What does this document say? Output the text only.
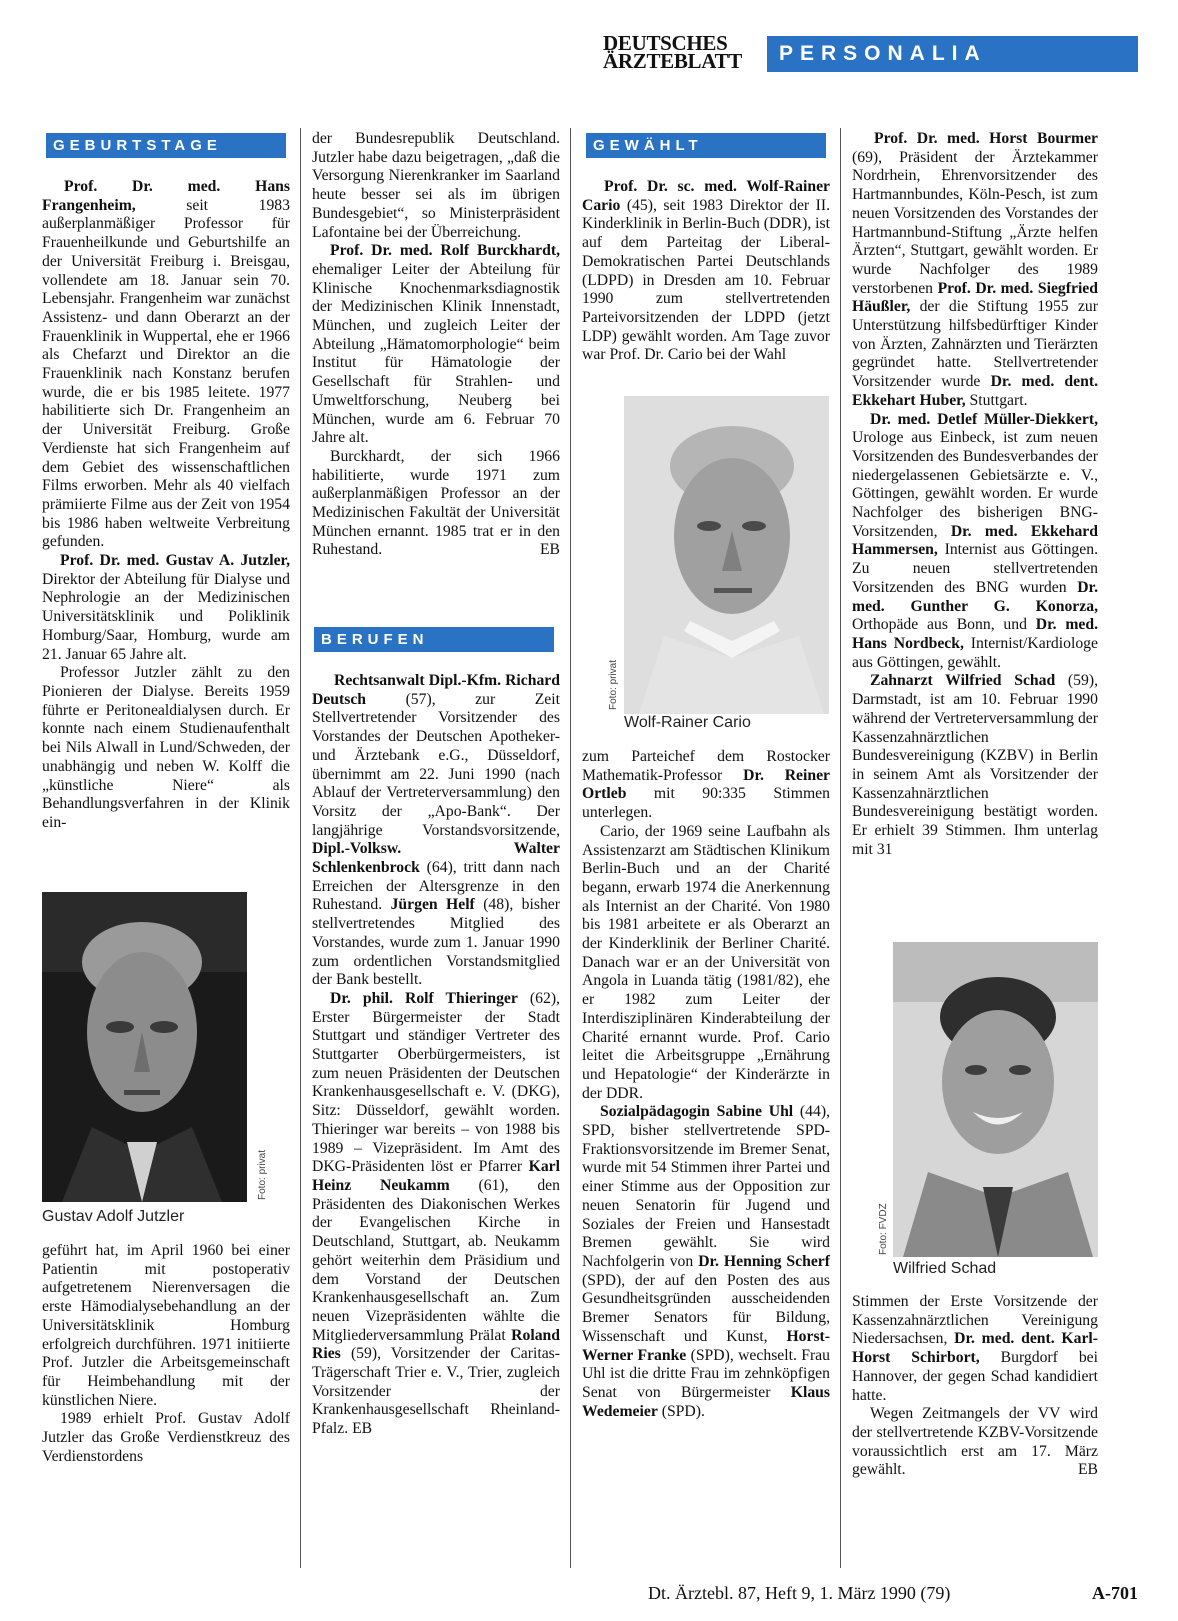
DEUTSCHES
ÄRZTEBLATT	PERSONALIA
GEBURTSTAGE
BERUFEN
GEWÄHLT

Prof. Dr. med. Hans Frangenheim, seit 1983 außerplanmäßiger Professor für Frauenheilkunde und Geburtshilfe an der Universität Freiburg i. Breisgau, vollendete am 18. Januar sein 70. Lebensjahr. Frangenheim war zunächst Assistenz- und dann Oberarzt an der Frauenklinik in Wuppertal, ehe er 1966 als Chefarzt und Direktor an die Frauenklinik nach Konstanz berufen wurde, die er bis 1985 leitete. 1977 habilitierte sich Dr. Frangenheim an der Universität Freiburg. Große Verdienste hat sich Frangenheim auf dem Gebiet des wissenschaftlichen Films erworben. Mehr als 40 vielfach prämiierte Filme aus der Zeit von 1954 bis 1986 haben weltweite Verbreitung gefunden.

Prof. Dr. med. Gustav A. Jutzler, Direktor der Abteilung für Dialyse und Nephrologie an der Medizinischen Universitätsklinik und Poliklinik Homburg/Saar, Homburg, wurde am 21. Januar 65 Jahre alt.

Professor Jutzler zählt zu den Pionieren der Dialyse. Bereits 1959 führte er Peritonealdialysen durch. Er konnte nach einem Studienaufenthalt bei Nils Alwall in Lund/Schweden, der unabhängig und neben W. Kolff die „künstliche Niere“ als Behandlungsverfahren in der Klinik ein-

Foto: privat
Gustav Adolf Jutzler

geführt hat, im April 1960 bei einer Patientin mit postoperativ aufgetretenem Nierenversagen die erste Hämodialysebehandlung an der Universitätsklinik Homburg erfolgreich durchführen. 1971 initiierte Prof. Jutzler die Arbeitsgemeinschaft für Heimbehandlung mit der künstlichen Niere.

1989 erhielt Prof. Gustav Adolf Jutzler das Große Verdienstkreuz des Verdienstordens

der Bundesrepublik Deutschland. Jutzler habe dazu beigetragen, „daß die Versorgung Nierenkranker im Saarland heute besser sei als im übrigen Bundesgebiet“, so Ministerpräsident Lafontaine bei der Überreichung.

Prof. Dr. med. Rolf Burckhardt, ehemaliger Leiter der Abteilung für Klinische Knochenmarksdiagnostik der Medizinischen Klinik Innenstadt, München, und zugleich Leiter der Abteilung „Hämatomorphologie“ beim Institut für Hämatologie der Gesellschaft für Strahlen- und Umweltforschung, Neuberg bei München, wurde am 6. Februar 70 Jahre alt.

Burckhardt, der sich 1966 habilitierte, wurde 1971 zum außerplanmäßigen Professor an der Medizinischen Fakultät der Universität München ernannt. 1985 trat er in den Ruhestand.	EB

Rechtsanwalt Dipl.-Kfm. Richard Deutsch (57), zur Zeit Stellvertretender Vorsitzender des Vorstandes der Deutschen Apotheker- und Ärztebank e.G., Düsseldorf, übernimmt am 22. Juni 1990 (nach Ablauf der Vertreterversammlung) den Vorsitz der „Apo-Bank“. Der langjährige Vorstandsvorsitzende, Dipl.-Volksw. Walter Schlenkenbrock (64), tritt dann nach Erreichen der Altersgrenze in den Ruhestand. Jürgen Helf (48), bisher stellvertretendes Mitglied des Vorstandes, wurde zum 1. Januar 1990 zum ordentlichen Vorstandsmitglied der Bank bestellt.

Dr. phil. Rolf Thieringer (62), Erster Bürgermeister der Stadt Stuttgart und ständiger Vertreter des Stuttgarter Oberbürgermeisters, ist zum neuen Präsidenten der Deutschen Krankenhausgesellschaft e. V. (DKG), Sitz: Düsseldorf, gewählt worden. Thieringer war bereits – von 1988 bis 1989 – Vizepräsident. Im Amt des DKG-Präsidenten löst er Pfarrer Karl Heinz Neukamm (61), den Präsidenten des Diakonischen Werkes der Evangelischen Kirche in Deutschland, Stuttgart, ab. Neukamm gehört weiterhin dem Präsidium und dem Vorstand der Deutschen Krankenhausgesellschaft an. Zum neuen Vizepräsidenten wählte die Mitgliederversammlung Prälat Roland Ries (59), Vorsitzender der Caritas-Trägerschaft Trier e. V., Trier, zugleich Vorsitzender der Krankenhausgesellschaft Rheinland-Pfalz. EB

Prof. Dr. sc. med. Wolf-Rainer Cario (45), seit 1983 Direktor der II. Kinderklinik in Berlin-Buch (DDR), ist auf dem Parteitag der Liberal-Demokratischen Partei Deutschlands (LDPD) in Dresden am 10. Februar 1990 zum stellvertretenden Parteivorsitzenden der LDPD (jetzt LDP) gewählt worden. Am Tage zuvor war Prof. Dr. Cario bei der Wahl

Foto: privat
Wolf-Rainer Cario

zum Parteichef dem Rostocker Mathematik-Professor Dr. Reiner Ortleb mit 90:335 Stimmen unterlegen.

Cario, der 1969 seine Laufbahn als Assistenzarzt am Städtischen Klinikum Berlin-Buch und an der Charité begann, erwarb 1974 die Anerkennung als Internist an der Charité. Von 1980 bis 1981 arbeitete er als Oberarzt an der Kinderklinik der Berliner Charité. Danach war er an der Universität von Angola in Luanda tätig (1981/82), ehe er 1982 zum Leiter der Interdisziplinären Kinderabteilung der Charité ernannt wurde. Prof. Cario leitet die Arbeitsgruppe „Ernährung und Hepatologie“ der Kinderärzte in der DDR.

Sozialpädagogin Sabine Uhl (44), SPD, bisher stellvertretende SPD-Fraktionsvorsitzende im Bremer Senat, wurde mit 54 Stimmen ihrer Partei und einer Stimme aus der Opposition zur neuen Senatorin für Jugend und Soziales der Freien und Hansestadt Bremen gewählt. Sie wird Nachfolgerin von Dr. Henning Scherf (SPD), der auf den Posten des aus Gesundheitsgründen ausscheidenden Bremer Senators für Bildung, Wissenschaft und Kunst, Horst-Werner Franke (SPD), wechselt. Frau Uhl ist die dritte Frau im zehnköpfigen Senat von Bürgermeister Klaus Wedemeier (SPD).

Prof. Dr. med. Horst Bourmer (69), Präsident der Ärztekammer Nordrhein, Ehrenvorsitzender des Hartmannbundes, Köln-Pesch, ist zum neuen Vorsitzenden des Vorstandes der Hartmannbund-Stiftung „Ärzte helfen Ärzten“, Stuttgart, gewählt worden. Er wurde Nachfolger des 1989 verstorbenen Prof. Dr. med. Siegfried Häußler, der die Stiftung 1955 zur Unterstützung hilfsbedürftiger Kinder von Ärzten, Zahnärzten und Tierärzten gegründet hatte. Stellvertretender Vorsitzender wurde Dr. med. dent. Ekkehart Huber, Stuttgart.

Dr. med. Detlef Müller-Diekkert, Urologe aus Einbeck, ist zum neuen Vorsitzenden des Bundesverbandes der niedergelassenen Gebietsärzte e. V., Göttingen, gewählt worden. Er wurde Nachfolger des bisherigen BNG-Vorsitzenden, Dr. med. Ekkehard Hammersen, Internist aus Göttingen. Zu neuen stellvertretenden Vorsitzenden des BNG wurden Dr. med. Gunther G. Konorza, Orthopäde aus Bonn, und Dr. med. Hans Nordbeck, Internist/Kardiologe aus Göttingen, gewählt.

Zahnarzt Wilfried Schad (59), Darmstadt, ist am 10. Februar 1990 während der Vertreterversammlung der Kassenzahnärztlichen Bundesvereinigung (KZBV) in Berlin in seinem Amt als Vorsitzender der Kassenzahnärztlichen Bundesvereinigung bestätigt worden. Er erhielt 39 Stimmen. Ihm unterlag mit 31

Foto: FVDZ
Wilfried Schad

Stimmen der Erste Vorsitzende der Kassenzahnärztlichen Vereinigung Niedersachsen, Dr. med. dent. Karl-Horst Schirbort, Burgdorf bei Hannover, der gegen Schad kandidiert hatte.

Wegen Zeitmangels der VV wird der stellvertretende KZBV-Vorsitzende voraussichtlich erst am 17. März gewählt.	EB

Dt. Ärztebl. 87, Heft 9, 1. März 1990 (79)	A-701
